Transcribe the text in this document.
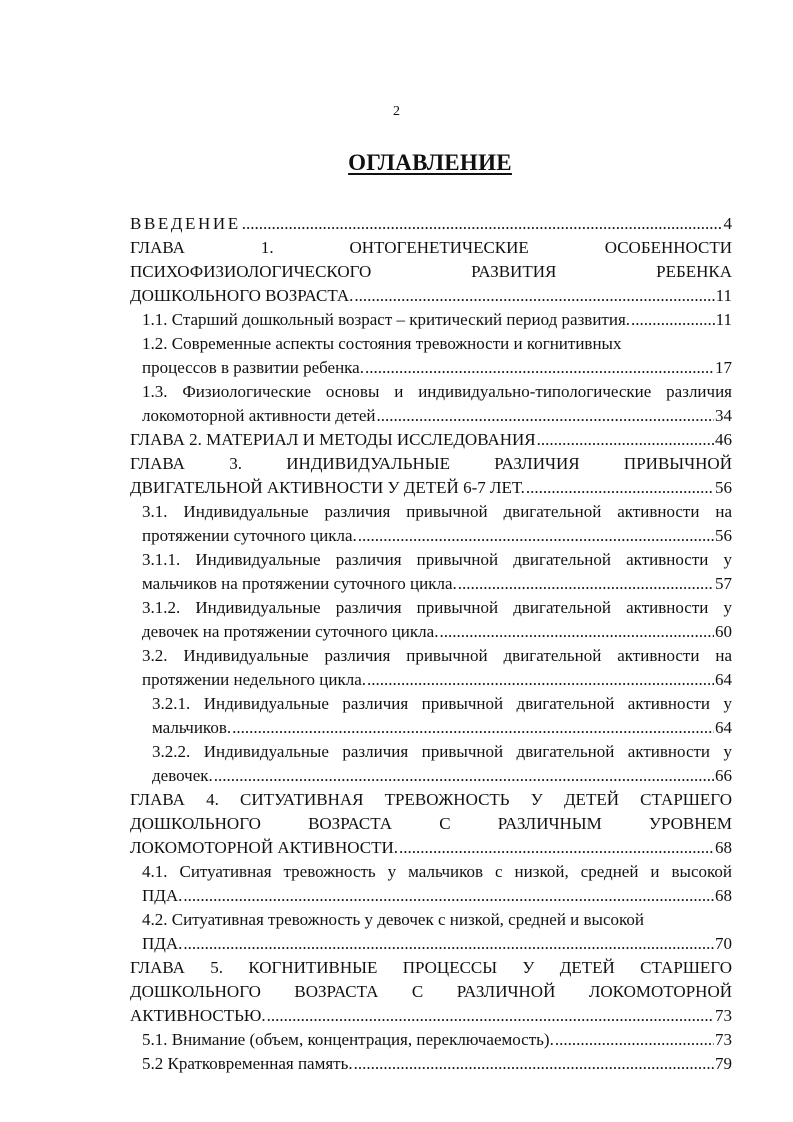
2
ОГЛАВЛЕНИЕ
ВВЕДЕНИЕ .....	4
ГЛАВА 1. ОНТОГЕНЕТИЧЕСКИЕ ОСОБЕННОСТИ
ПСИХОФИЗИОЛОГИЧЕСКОГО РАЗВИТИЯ РЕБЕНКА
ДОШКОЛЬНОГО ВОЗРАСТА. .....	11
1.1. Старший дошкольный возраст – критический период развития. .....	11
1.2. Современные аспекты состояния тревожности и когнитивных
процессов в развитии ребенка. .....	17
1.3. Физиологические основы и индивидуально-типологические различия
локомоторной активности детей .....	34
ГЛАВА 2. МАТЕРИАЛ И МЕТОДЫ ИССЛЕДОВАНИЯ .....	46
ГЛАВА 3. ИНДИВИДУАЛЬНЫЕ РАЗЛИЧИЯ ПРИВЫЧНОЙ
ДВИГАТЕЛЬНОЙ АКТИВНОСТИ У ДЕТЕЙ 6-7 ЛЕТ. .....	56
3.1. Индивидуальные различия привычной двигательной активности на
протяжении суточного цикла. .....	56
3.1.1. Индивидуальные различия привычной двигательной активности у
мальчиков на протяжении суточного цикла. .....	57
3.1.2. Индивидуальные различия привычной двигательной активности у
девочек на протяжении суточного цикла. .....	60
3.2. Индивидуальные различия привычной двигательной активности на
протяжении недельного цикла. .....	64
3.2.1. Индивидуальные различия привычной двигательной активности у
мальчиков. .....	64
3.2.2. Индивидуальные различия привычной двигательной активности у
девочек. .....	66
ГЛАВА 4. СИТУАТИВНАЯ ТРЕВОЖНОСТЬ У ДЕТЕЙ СТАРШЕГО
ДОШКОЛЬНОГО ВОЗРАСТА С РАЗЛИЧНЫМ УРОВНЕМ
ЛОКОМОТОРНОЙ АКТИВНОСТИ. .....	68
4.1. Ситуативная тревожность у мальчиков с низкой, средней и высокой
ПДА. .....	68
4.2. Ситуативная тревожность у девочек с низкой, средней и высокой
ПДА. .....	70
ГЛАВА 5. КОГНИТИВНЫЕ ПРОЦЕССЫ У ДЕТЕЙ СТАРШЕГО
ДОШКОЛЬНОГО ВОЗРАСТА С РАЗЛИЧНОЙ ЛОКОМОТОРНОЙ
АКТИВНОСТЬЮ. .....	73
5.1. Внимание (объем, концентрация, переключаемость). .....	73
5.2 Кратковременная память. .....	79
